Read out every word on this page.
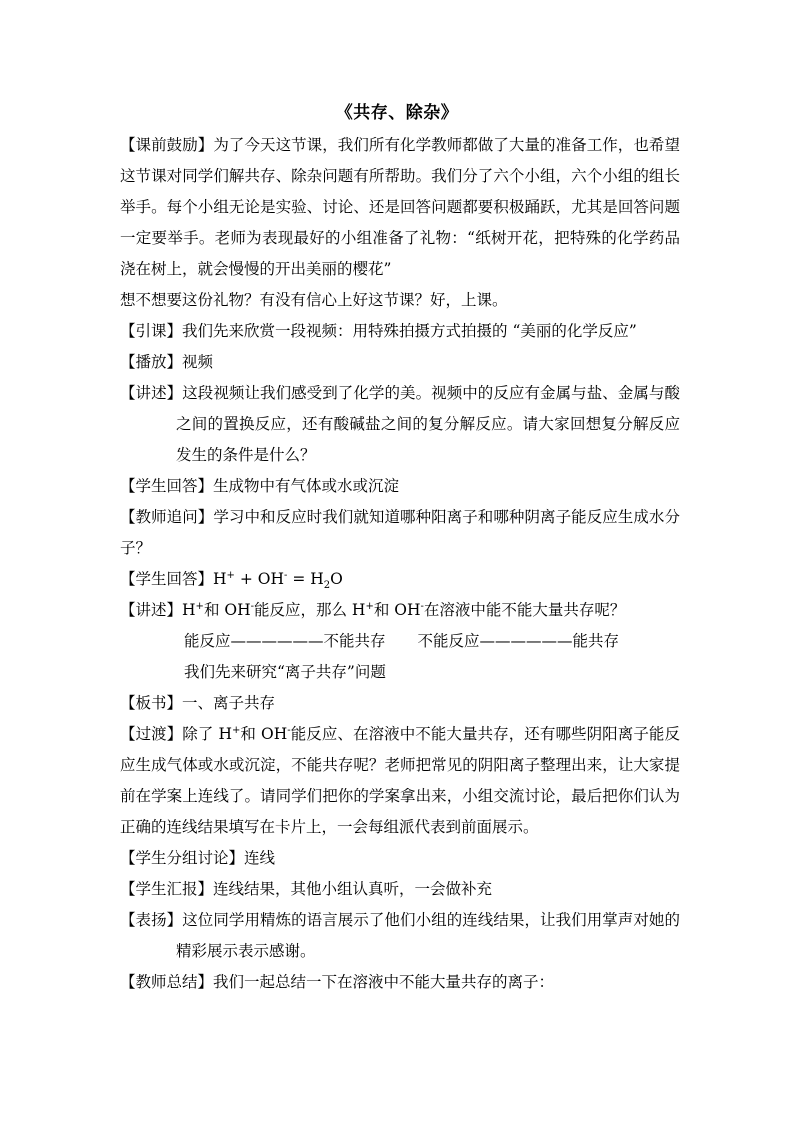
《共存、除杂》

【课前鼓励】为了今天这节课，我们所有化学教师都做了大量的准备工作，也希望这节课对同学们解共存、除杂问题有所帮助。我们分了六个小组，六个小组的组长举手。每个小组无论是实验、讨论、还是回答问题都要积极踊跃，尤其是回答问题一定要举手。老师为表现最好的小组准备了礼物：“纸树开花，把特殊的化学药品浇在树上，就会慢慢的开出美丽的樱花”

想不想要这份礼物？有没有信心上好这节课？好，上课。

【引课】我们先来欣赏一段视频：用特殊拍摄方式拍摄的 “美丽的化学反应”

【播放】视频

【讲述】这段视频让我们感受到了化学的美。视频中的反应有金属与盐、金属与酸之间的置换反应，还有酸碱盐之间的复分解反应。请大家回想复分解反应发生的条件是什么？

【学生回答】生成物中有气体或水或沉淀

【教师追问】学习中和反应时我们就知道哪种阳离子和哪种阴离子能反应生成水分子？

【学生回答】$H^+ + OH^- = H_2O$

【讲述】H+和 OH-能反应，那么 H+和 OH-在溶液中能不能大量共存呢？

能反应——————不能共存 不能反应——————能共存

我们先来研究“离子共存”问题

【板书】一、离子共存

【过渡】除了 H+和 OH-能反应、在溶液中不能大量共存，还有哪些阴阳离子能反应生成气体或水或沉淀，不能共存呢？老师把常见的阴阳离子整理出来，让大家提前在学案上连线了。请同学们把你的学案拿出来，小组交流讨论，最后把你们认为正确的连线结果填写在卡片上，一会每组派代表到前面展示。

【学生分组讨论】连线

【学生汇报】连线结果，其他小组认真听，一会做补充

【表扬】这位同学用精炼的语言展示了他们小组的连线结果，让我们用掌声对她的精彩展示表示感谢。

【教师总结】我们一起总结一下在溶液中不能大量共存的离子：
